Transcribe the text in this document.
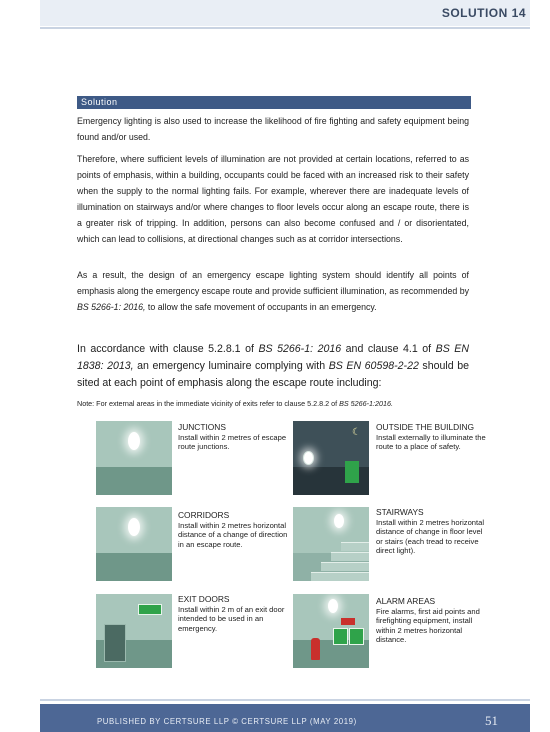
SOLUTION 14
Solution

Emergency lighting is also used to increase the likelihood of fire fighting and safety equipment being found and/or used.

Therefore, where sufficient levels of illumination are not provided at certain locations, referred to as points of emphasis, within a building, occupants could be faced with an increased risk to their safety when the supply to the normal lighting fails. For example, wherever there are inadequate levels of illumination on stairways and/or where changes to floor levels occur along an escape route, there is a greater risk of tripping. In addition, persons can also become confused and / or disorientated, which can lead to collisions, at directional changes such as at corridor intersections.

As a result, the design of an emergency escape lighting system should identify all points of emphasis along the emergency escape route and provide sufficient illumination, as recommended by BS 5266-1: 2016, to allow the safe movement of occupants in an emergency.

In accordance with clause 5.2.8.1 of BS 5266-1: 2016 and clause 4.1 of BS EN 1838: 2013, an emergency luminaire complying with BS EN 60598-2-22 should be sited at each point of emphasis along the escape route including:

Note: For external areas in the immediate vicinity of exits refer to clause 5.2.8.2 of BS 5266-1:2016.
JUNCTIONS
Install within 2 metres of escape route junctions.
☾ OUTSIDE THE BUILDING
Install externally to illuminate the route to a place of safety.
CORRIDORS
Install within 2 metres horizontal distance of a change of direction in an escape route.
STAIRWAYS
Install within 2 metres horizontal distance of change in floor level or stairs (each tread to receive direct light).
EXIT DOORS
Install within 2 m of an exit door intended to be used in an emergency.
ALARM AREAS
Fire alarms, first aid points and firefighting equipment, install within 2 metres horizontal distance.
PUBLISHED BY CERTSURE LLP © CERTSURE LLP (MAY 2019)	51
